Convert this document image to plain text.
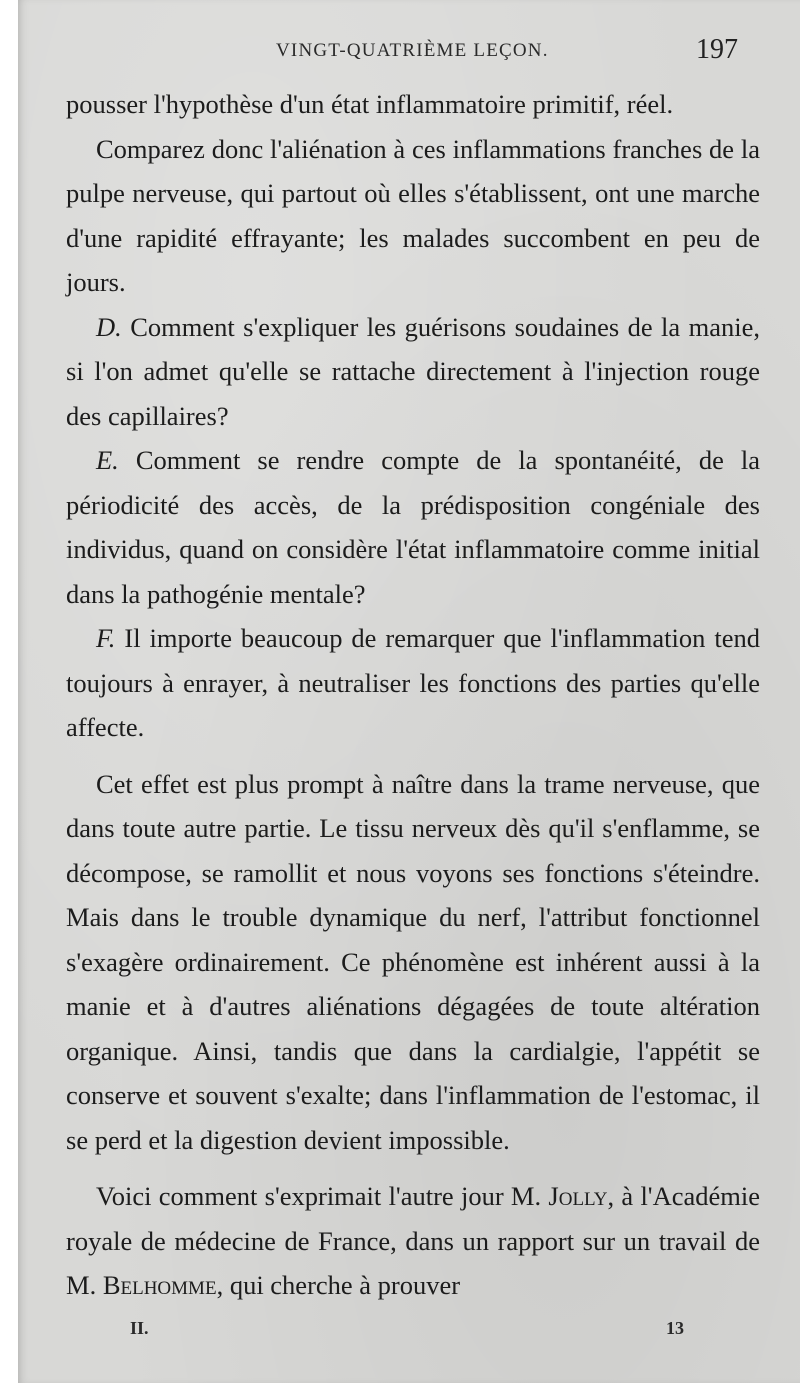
VINGT-QUATRIÈME LEÇON.	197

pousser l'hypothèse d'un état inflammatoire primitif, réel.

Comparez donc l'aliénation à ces inflammations franches de la pulpe nerveuse, qui partout où elles s'établissent, ont une marche d'une rapidité effrayante; les malades succombent en peu de jours.

D. Comment s'expliquer les guérisons soudaines de la manie, si l'on admet qu'elle se rattache directement à l'injection rouge des capillaires?

E. Comment se rendre compte de la spontanéité, de la périodicité des accès, de la prédisposition congéniale des individus, quand on considère l'état inflammatoire comme initial dans la pathogénie mentale?

F. Il importe beaucoup de remarquer que l'inflammation tend toujours à enrayer, à neutraliser les fonctions des parties qu'elle affecte.

Cet effet est plus prompt à naître dans la trame nerveuse, que dans toute autre partie. Le tissu nerveux dès qu'il s'enflamme, se décompose, se ramollit et nous voyons ses fonctions s'éteindre. Mais dans le trouble dynamique du nerf, l'attribut fonctionnel s'exagère ordinairement. Ce phénomène est inhérent aussi à la manie et à d'autres aliénations dégagées de toute altération organique. Ainsi, tandis que dans la cardialgie, l'appétit se conserve et souvent s'exalte; dans l'inflammation de l'estomac, il se perd et la digestion devient impossible.

Voici comment s'exprimait l'autre jour M. Jolly, à l'Académie royale de médecine de France, dans un rapport sur un travail de M. Belhomme, qui cherche à prouver

II.	13
